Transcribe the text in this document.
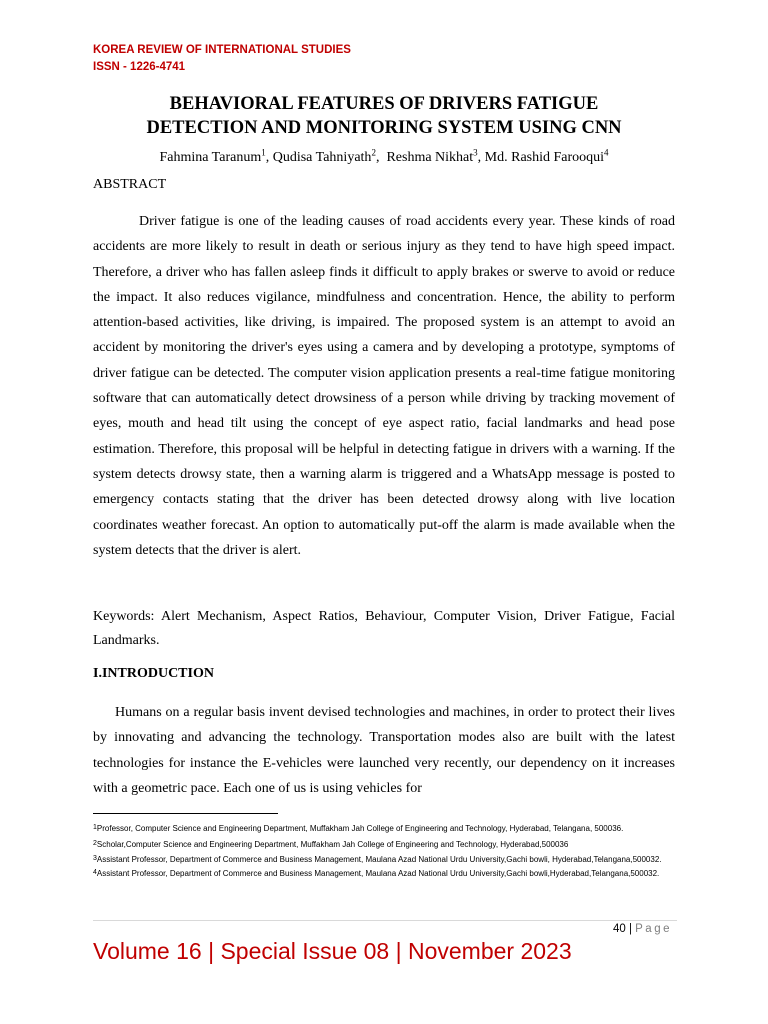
KOREA REVIEW OF INTERNATIONAL STUDIES
ISSN - 1226-4741
BEHAVIORAL FEATURES OF DRIVERS FATIGUE
DETECTION AND MONITORING SYSTEM USING CNN
Fahmina Taranum$^1$, Qudisa Tahniyath$^2$,  Reshma Nikhat$^3$, Md. Rashid Farooqui$^4$
ABSTRACT

Driver fatigue is one of the leading causes of road accidents every year. These kinds of road accidents are more likely to result in death or serious injury as they tend to have high speed impact. Therefore, a driver who has fallen asleep finds it difficult to apply brakes or swerve to avoid or reduce the impact. It also reduces vigilance, mindfulness and concentration. Hence, the ability to perform attention-based activities, like driving, is impaired. The proposed system is an attempt to avoid an accident by monitoring the driver's eyes using a camera and by developing a prototype, symptoms of driver fatigue can be detected. The computer vision application presents a real-time fatigue monitoring software that can automatically detect drowsiness of a person while driving by tracking movement of eyes, mouth and head tilt using the concept of eye aspect ratio, facial landmarks and head pose estimation. Therefore, this proposal will be helpful in detecting fatigue in drivers with a warning. If the system detects drowsy state, then a warning alarm is triggered and a WhatsApp message is posted to emergency contacts stating that the driver has been detected drowsy along with live location coordinates weather forecast. An option to automatically put-off the alarm is made available when the system detects that the driver is alert.

Keywords: Alert Mechanism, Aspect Ratios, Behaviour, Computer Vision, Driver Fatigue, Facial Landmarks.

I.INTRODUCTION

Humans on a regular basis invent devised technologies and machines, in order to protect their lives by innovating and advancing the technology. Transportation modes also are built with the latest technologies for instance the E-vehicles were launched very recently, our dependency on it increases with a geometric pace. Each one of us is using vehicles for

$^1$Professor, Computer Science and Engineering Department, Muffakham Jah College of Engineering and Technology, Hyderabad, Telangana, 500036.
$^2$Scholar,Computer Science and Engineering Department, Muffakham Jah College of Engineering and Technology, Hyderabad,500036
$^3$Assistant Professor, Department of Commerce and Business Management, Maulana Azad National Urdu University,Gachi bowli, Hyderabad,Telangana,500032.
$^4$Assistant Professor, Department of Commerce and Business Management, Maulana Azad National Urdu University,Gachi bowli,Hyderabad,Telangana,500032.
40 | Page
Volume 16 | Special Issue 08 | November 2023
